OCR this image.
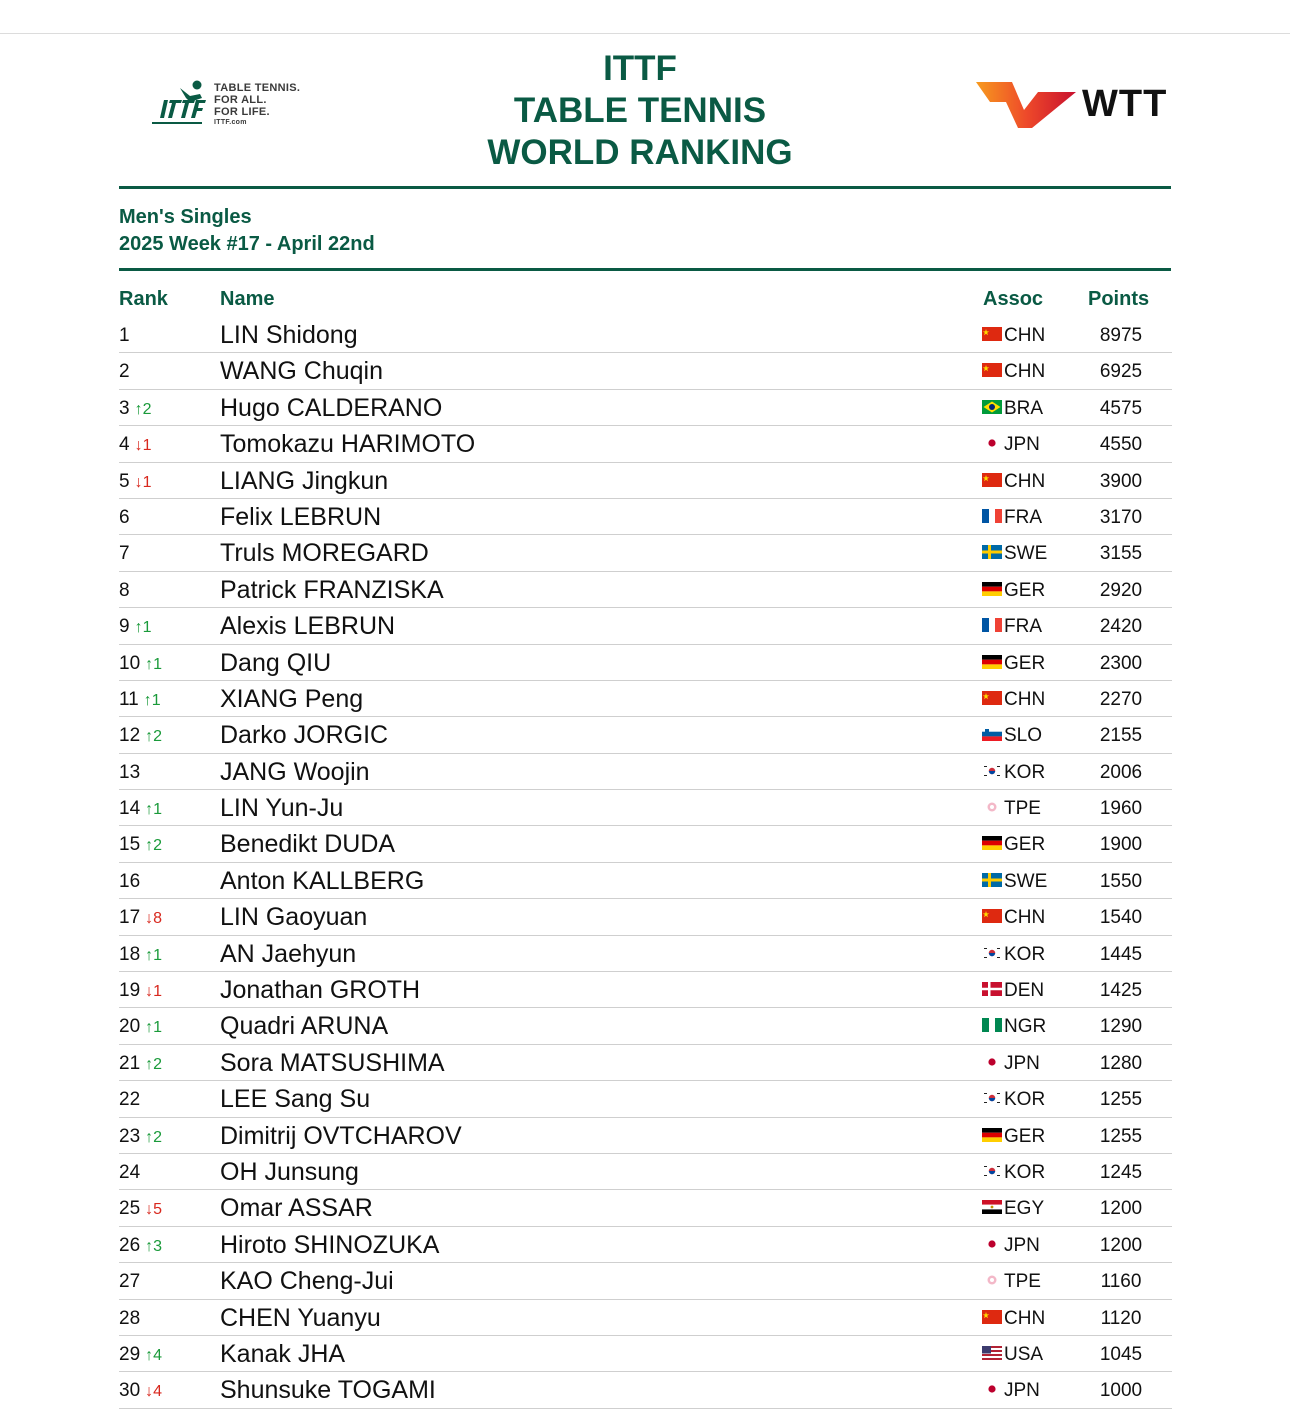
TABLE TENNIS.
FOR ALL.
FOR LIFE.
ITTF.com
ITTF
TABLE TENNIS
WORLD RANKING
WTT
Men's Singles
2025 Week #17 - April 22nd
Rank	Name	Assoc Points
1	LIN Shidong	CHN	8975
2	WANG Chuqin	CHN	6925
3 ↑2	Hugo CALDERANO	BRA	4575
4 ↓1	Tomokazu HARIMOTO	JPN	4550
5 ↓1	LIANG Jingkun	CHN	3900
6	Felix LEBRUN	FRA	3170
7	Truls MOREGARD	SWE	3155
8	Patrick FRANZISKA	GER	2920
9 ↑1	Alexis LEBRUN	FRA	2420
10 ↑1	Dang QIU	GER	2300
11 ↑1	XIANG Peng	CHN	2270
12 ↑2	Darko JORGIC	SLO	2155
13	JANG Woojin	KOR	2006
14 ↑1	LIN Yun-Ju	TPE	1960
15 ↑2	Benedikt DUDA	GER	1900
16	Anton KALLBERG	SWE	1550
17 ↓8	LIN Gaoyuan	CHN	1540
18 ↑1	AN Jaehyun	KOR	1445
19 ↓1	Jonathan GROTH	DEN	1425
20 ↑1	Quadri ARUNA	NGR	1290
21 ↑2	Sora MATSUSHIMA	JPN	1280
22	LEE Sang Su	KOR	1255
23 ↑2	Dimitrij OVTCHAROV	GER	1255
24	OH Junsung	KOR	1245
25 ↓5	Omar ASSAR	EGY	1200
26 ↑3	Hiroto SHINOZUKA	JPN	1200
27	KAO Cheng-Jui	TPE	1160
28	CHEN Yuanyu	CHN	1120
29 ↑4	Kanak JHA	USA	1045
30 ↓4	Shunsuke TOGAMI	JPN	1000
